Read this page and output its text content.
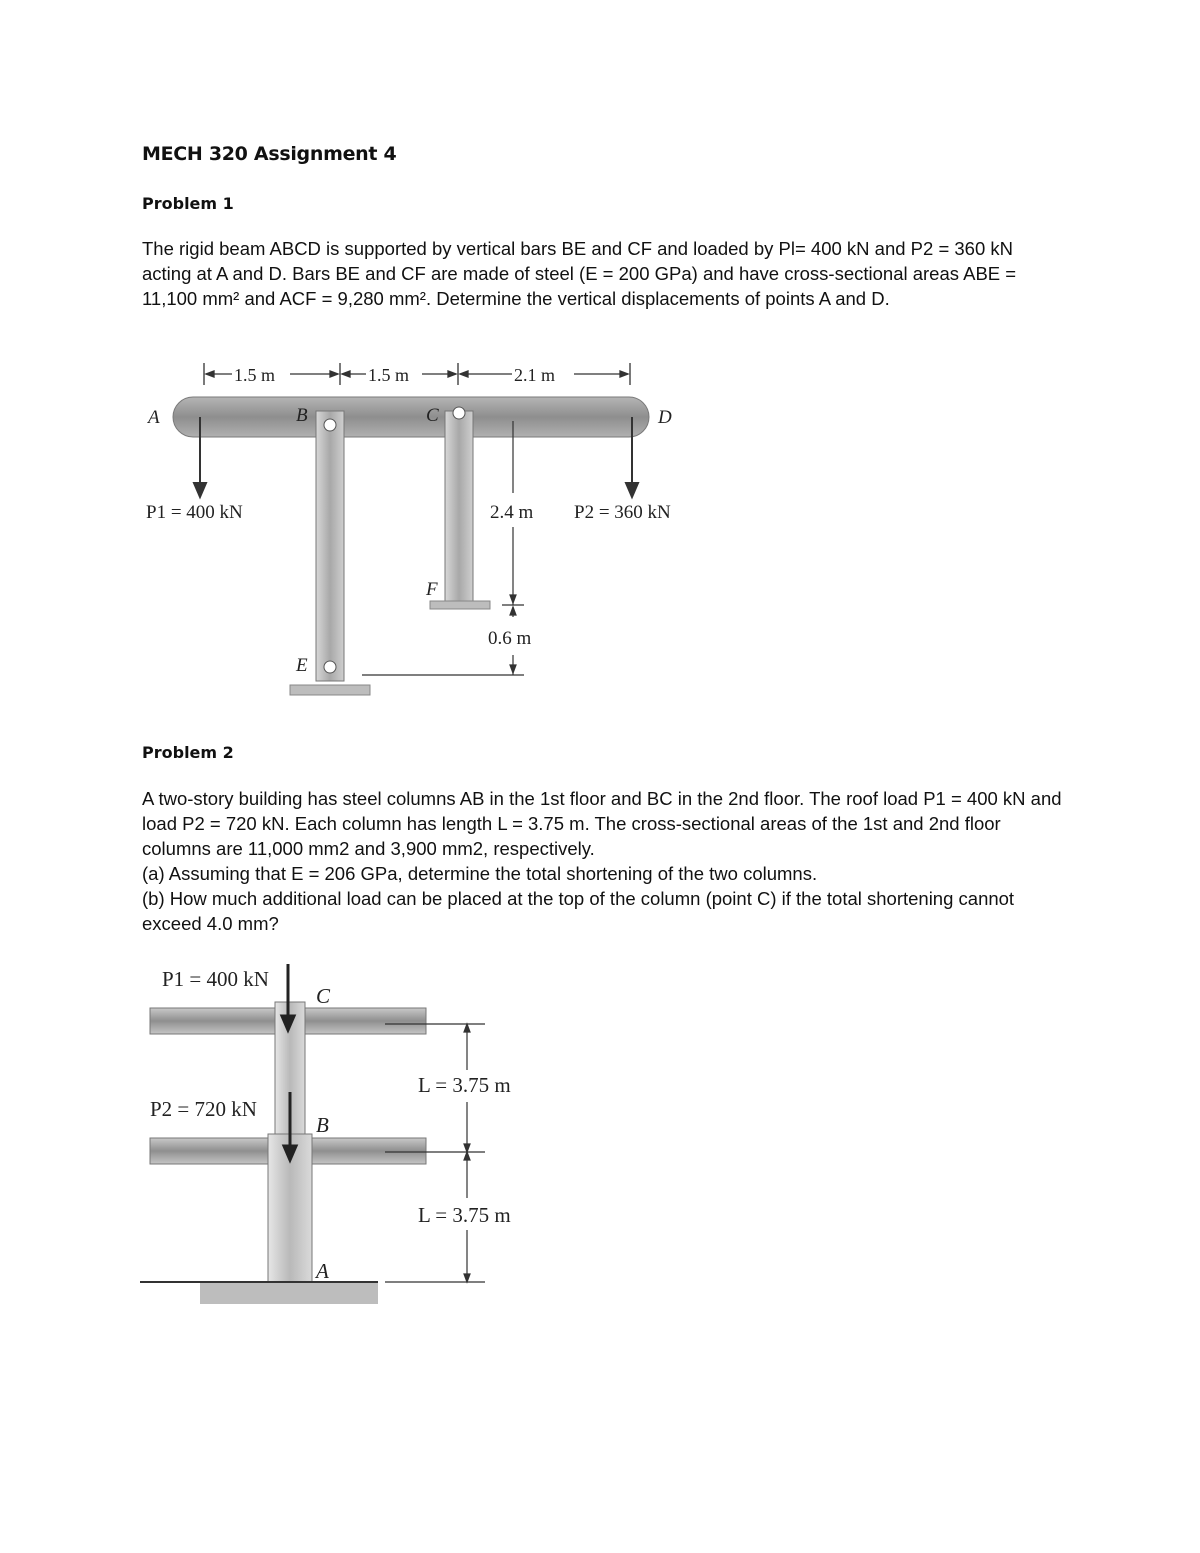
MECH 320 Assignment 4
Problem 1

The rigid beam ABCD is supported by vertical bars BE and CF and loaded by Pl= 400 kN and P2 = 360 kN acting at A and D. Bars BE and CF are made of steel (E = 200 GPa) and have cross-sectional areas ABE = 11,100 mm² and ACF = 9,280 mm². Determine the vertical displacements of points A and D.

1.5 m	1.5 m	2.1 m
A	B	C	D
E
F
P1 = 400 kN	2.4 m P2 = 360 kN
0.6 m
Problem 2

A two-story building has steel columns AB in the 1st floor and BC in the 2nd floor. The roof load P1 = 400 kN and load P2 = 720 kN. Each column has length L = 3.75 m. The cross-sectional areas of the 1st and 2nd floor columns are 11,000 mm2 and 3,900 mm2, respectively.

(a) Assuming that E = 206 GPa, determine the total shortening of the two columns.

(b) How much additional load can be placed at the top of the column (point C) if the total shortening cannot exceed 4.0 mm?

P1 = 400 kN
C
P2 = 720 kN
B
A
L = 3.75 m
L = 3.75 m
